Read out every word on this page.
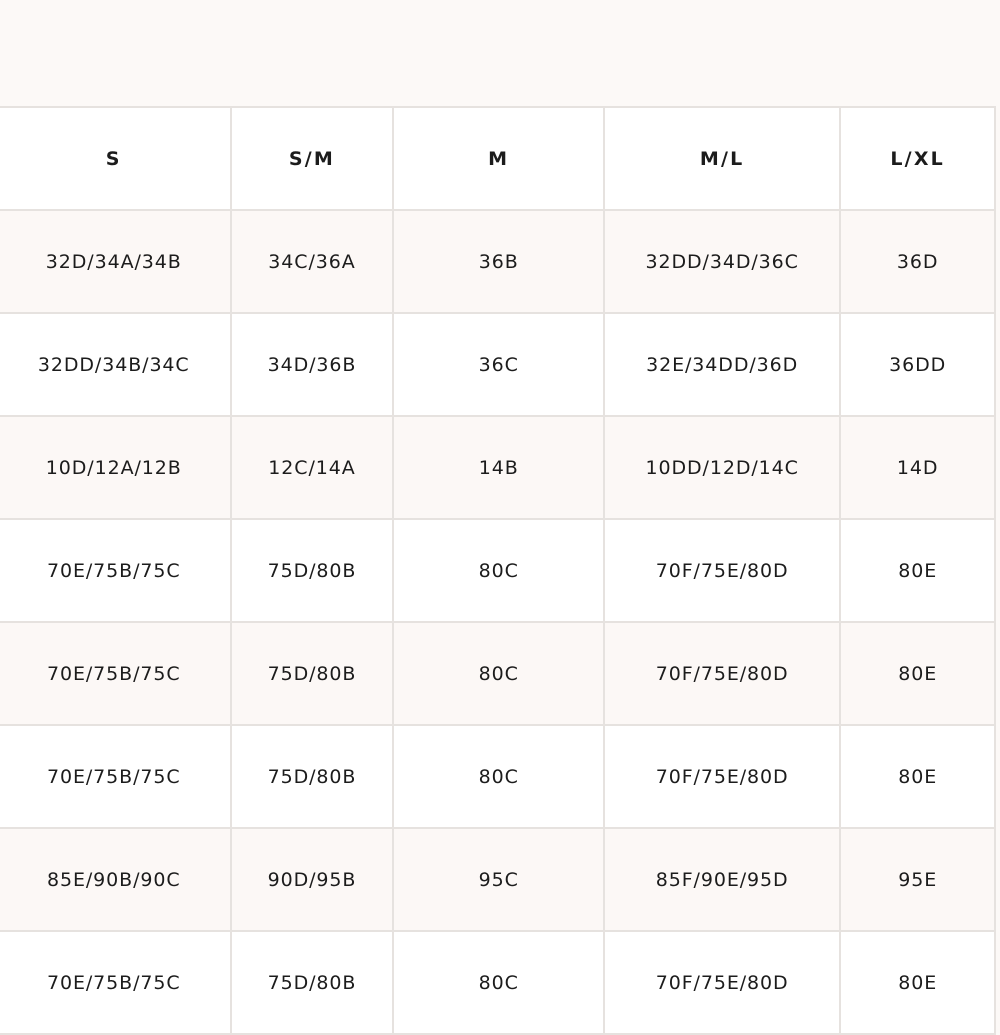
S	S/M	M	M/L	L/XL
32D/34A/34B	34C/36A	36B	32DD/34D/36C	36D
32DD/34B/34C	34D/36B	36C	32E/34DD/36D	36DD
10D/12A/12B	12C/14A	14B	10DD/12D/14C	14D
70E/75B/75C	75D/80B	80C	70F/75E/80D	80E
70E/75B/75C	75D/80B	80C	70F/75E/80D	80E
70E/75B/75C	75D/80B	80C	70F/75E/80D	80E
85E/90B/90C	90D/95B	95C	85F/90E/95D	95E
70E/75B/75C	75D/80B	80C	70F/75E/80D	80E
